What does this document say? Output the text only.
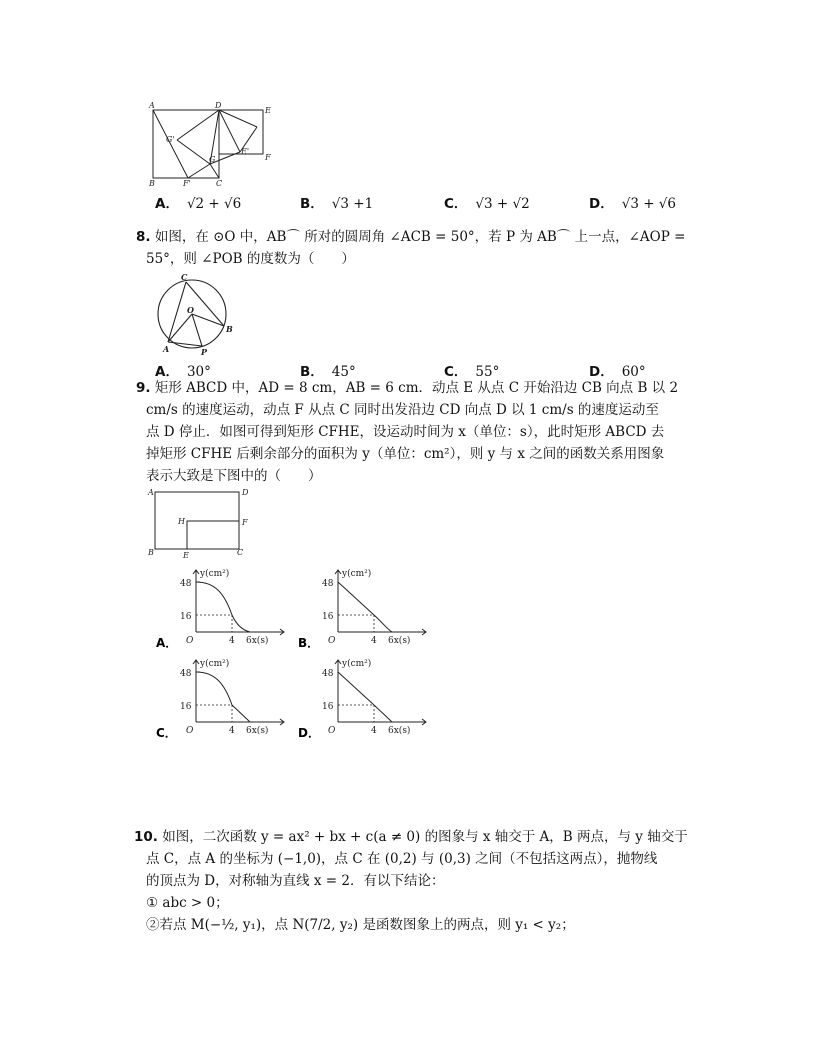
A	D
E
G'
G
E'
F
B	F'	C
A． √2 + √6	B． √3 +1	C． √3 + √2	D． √3 + √6
8. 如图，在 ⊙O 中，AB⌒ 所对的圆周角 ∠ACB = 50°，若 P 为 AB⌒ 上一点，∠AOP =
55°，则 ∠POB 的度数为（　　）
C
O
A
B
P
A． 30°	B． 45°	C． 55°	D． 60°
9. 矩形 ABCD 中，AD = 8 cm，AB = 6 cm．动点 E 从点 C 开始沿边 CB 向点 B 以 2
cm/s 的速度运动，动点 F 从点 C 同时出发沿边 CD 向点 D 以 1 cm/s 的速度运动至
点 D 停止．如图可得到矩形 CFHE，设运动时间为 x（单位：s），此时矩形 ABCD 去
掉矩形 CFHE 后剩余部分的面积为 y（单位：cm²），则 y 与 x 之间的函数关系用图象
表示大致是下图中的（　　）
A	D
H	F
B	E	C
A．
y(cm²)
48
16
O	4 6x(s) B．
y(cm²)
48
16
O	4 6x(s)
C．
y(cm²)
48
16
O	4 6x(s) D．
y(cm²)
48
16
O	4 6x(s)
10. 如图，二次函数 y = ax² + bx + c(a ≠ 0) 的图象与 x 轴交于 A，B 两点，与 y 轴交于
点 C，点 A 的坐标为 (−1,0)，点 C 在 (0,2) 与 (0,3) 之间（不包括这两点），抛物线
的顶点为 D，对称轴为直线 x = 2．有以下结论：
① abc > 0；
②若点 M(−½, y₁)，点 N(7/2, y₂) 是函数图象上的两点，则 y₁ < y₂；
